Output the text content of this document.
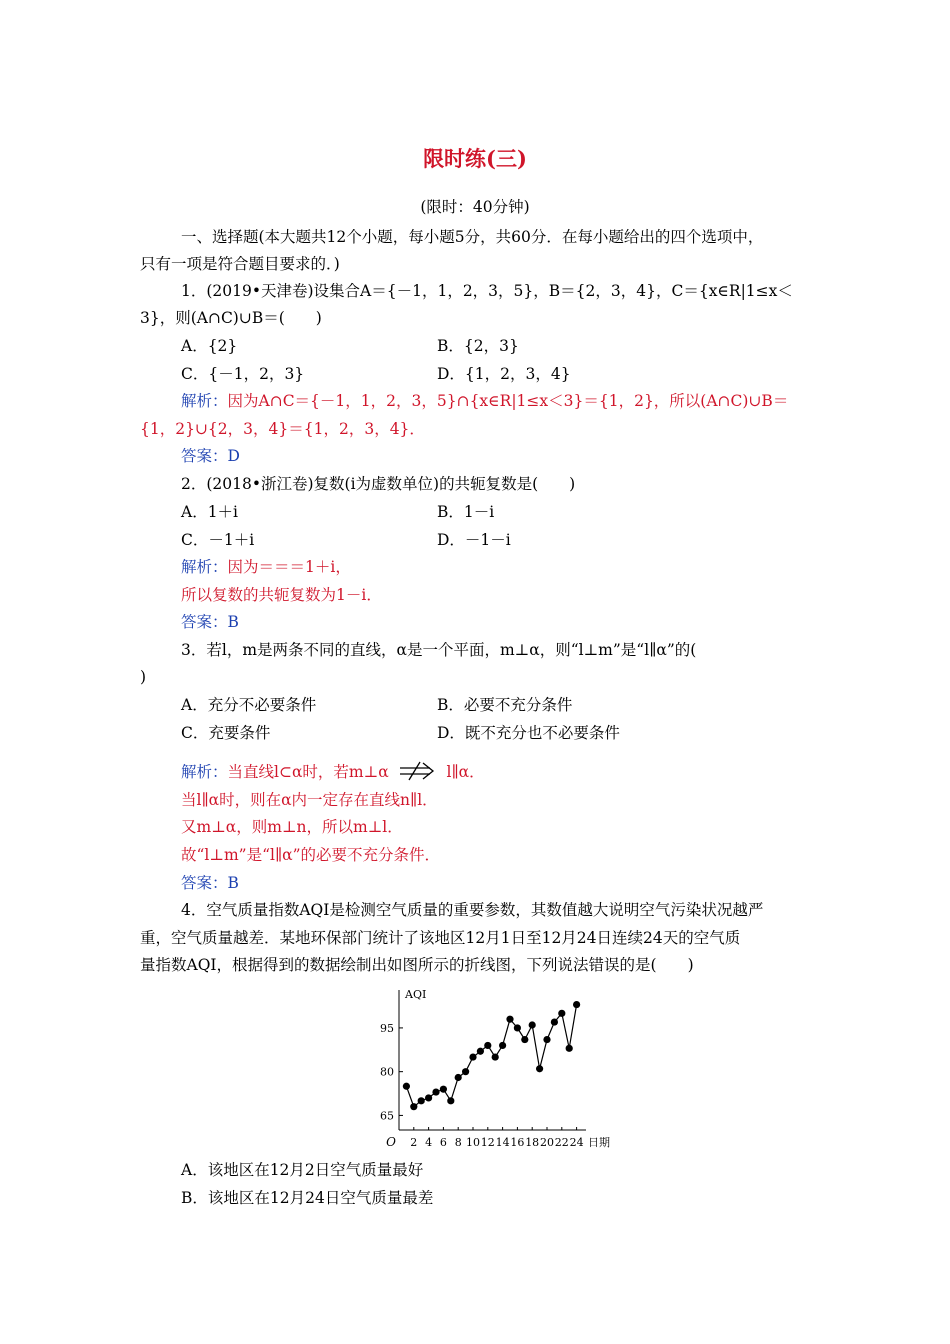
限时练(三)
(限时：40分钟)
一、选择题(本大题共12个小题，每小题5分，共60分．在每小题给出的四个选项中，
只有一项是符合题目要求的．)
1．(2019•天津卷)设集合A＝{－1，1，2，3，5}，B＝{2，3，4}，C＝{x∈R|1≤x＜
3}，则(A∩C)∪B＝(　　)
A．{2}	B．{2，3}
C．{－1，2，3}	D．{1，2，3，4}
解析：因为A∩C＝{－1，1，2，3，5}∩{x∈R|1≤x＜3}＝{1，2}，所以(A∩C)∪B＝
{1，2}∪{2，3，4}＝{1，2，3，4}．
答案：D
2．(2018•浙江卷)复数(i为虚数单位)的共轭复数是(　　)
A．1＋i	B．1－i
C．－1＋i	D．－1－i
解析：因为＝＝＝1＋i，
所以复数的共轭复数为1－i．
答案：B
3．若l，m是两条不同的直线，α是一个平面，m⊥α，则“l⊥m”是“l∥α”的(
)
A．充分不必要条件	B．必要不充分条件
C．充要条件	D．既不充分也不必要条件
解析：当直线l⊂α时，若m⊥α	l∥α．
当l∥α时，则在α内一定存在直线n∥l．
又m⊥α，则m⊥n，所以m⊥l．
故“l⊥m”是“l∥α”的必要不充分条件．
答案：B
4．空气质量指数AQI是检测空气质量的重要参数，其数值越大说明空气污染状况越严
重，空气质量越差．某地环保部门统计了该地区12月1日至12月24日连续24天的空气质
量指数AQI，根据得到的数据绘制出如图所示的折线图，下列说法错误的是(　　)
AQI
日期
O
65
80
95
2 4 6 8 10 12 14 16 18 20 22 24
A．该地区在12月2日空气质量最好
B．该地区在12月24日空气质量最差
